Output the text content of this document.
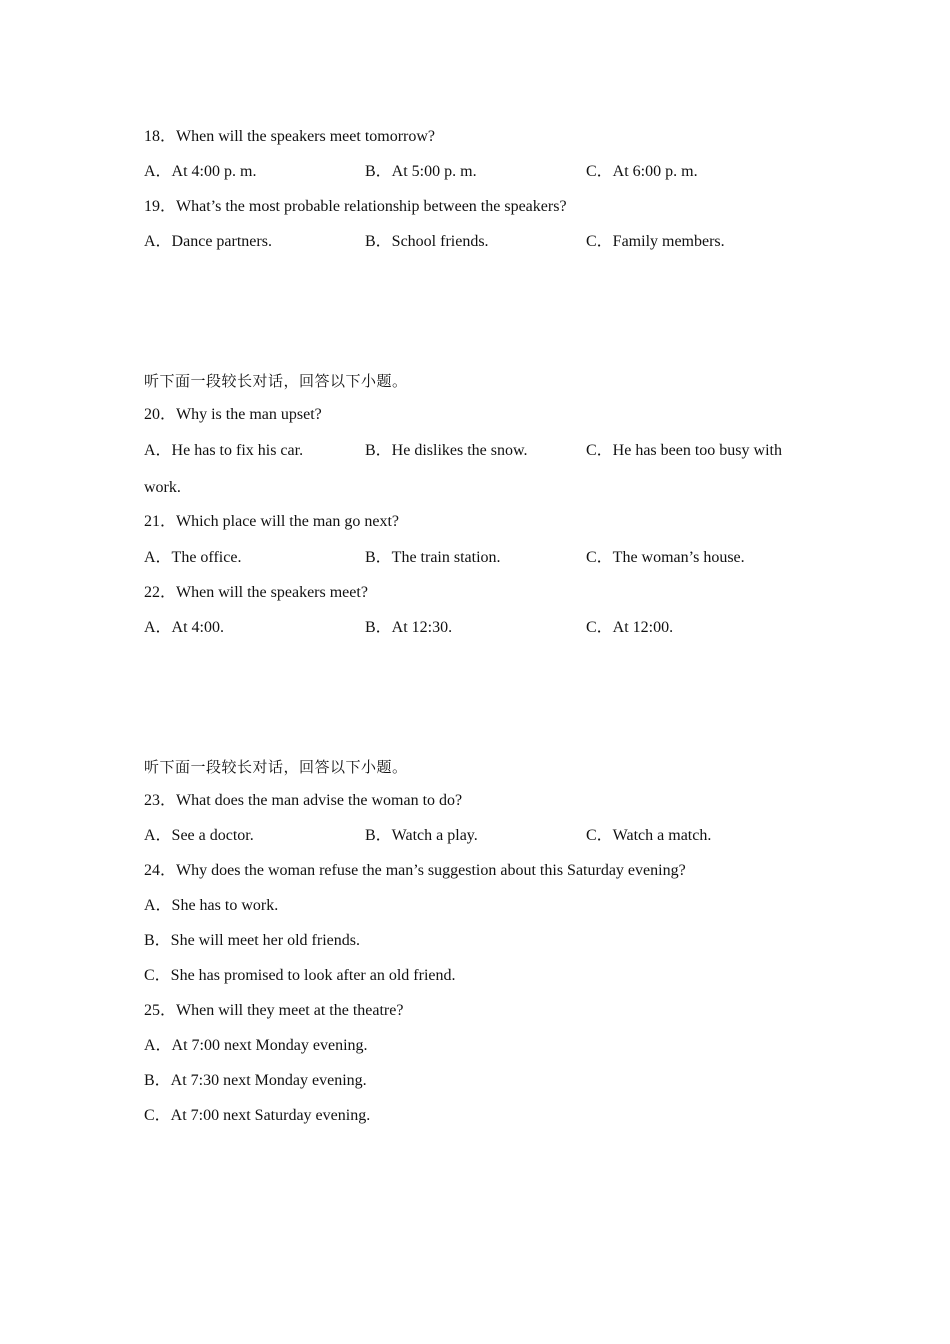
18．When will the speakers meet tomorrow?
A．At 4:00 p. m.	B．At 5:00 p. m.	C．At 6:00 p. m.
19．What’s the most probable relationship between the speakers?
A．Dance partners.	B．School friends.	C．Family members.
听下面一段较长对话，回答以下小题。
20．Why is the man upset?
A．He has to fix his car.	B．He dislikes the snow.	C．He has been too busy with
work.
21．Which place will the man go next?
A．The office.	B．The train station.	C．The woman’s house.
22．When will the speakers meet?
A．At 4:00.	B．At 12:30.	C．At 12:00.
听下面一段较长对话，回答以下小题。
23．What does the man advise the woman to do?
A．See a doctor.	B．Watch a play.	C．Watch a match.
24．Why does the woman refuse the man’s suggestion about this Saturday evening?
A．She has to work.
B．She will meet her old friends.
C．She has promised to look after an old friend.
25．When will they meet at the theatre?
A．At 7:00 next Monday evening.
B．At 7:30 next Monday evening.
C．At 7:00 next Saturday evening.
